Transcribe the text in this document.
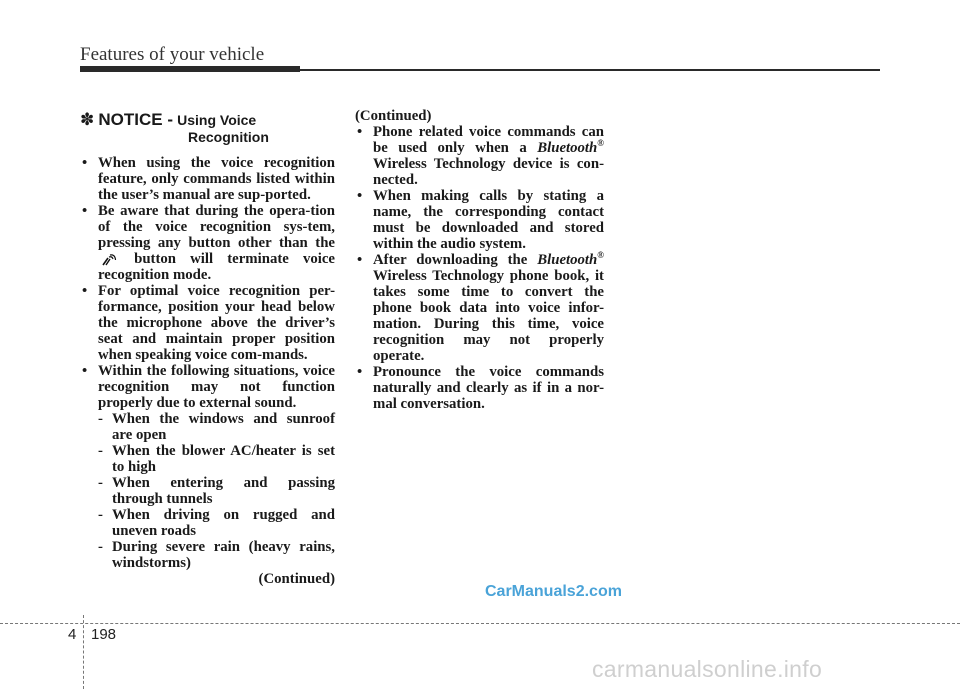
Features of your vehicle
✽ NOTICE - Using Voice
Recognition
• When using the voice recognition feature, only commands listed within the user’s manual are sup-ported.
• Be aware that during the opera-tion of the voice recognition sys-tem, pressing any button other than the  button will terminate voice recognition mode.
• For optimal voice recognition per-formance, position your head below the microphone above the driver’s seat and maintain proper position when speaking voice com-mands.
• Within the following situations, voice recognition may not function properly due to external sound.
- When the windows and sunroof are open
- When the blower AC/heater is set to high
- When entering and passing through tunnels
- When driving on rugged and uneven roads
- During severe rain (heavy rains, windstorms)
(Continued)
(Continued)
• Phone related voice commands can be used only when a Bluetooth® Wireless Technology device is con-nected.
• When making calls by stating a name, the corresponding contact must be downloaded and stored within the audio system.
• After downloading the Bluetooth® Wireless Technology phone book, it takes some time to convert the phone book data into voice infor-mation. During this time, voice recognition may not properly operate.
• Pronounce the voice commands naturally and clearly as if in a nor-mal conversation.
CarManuals2.com
4 198
carmanualsonline.info
